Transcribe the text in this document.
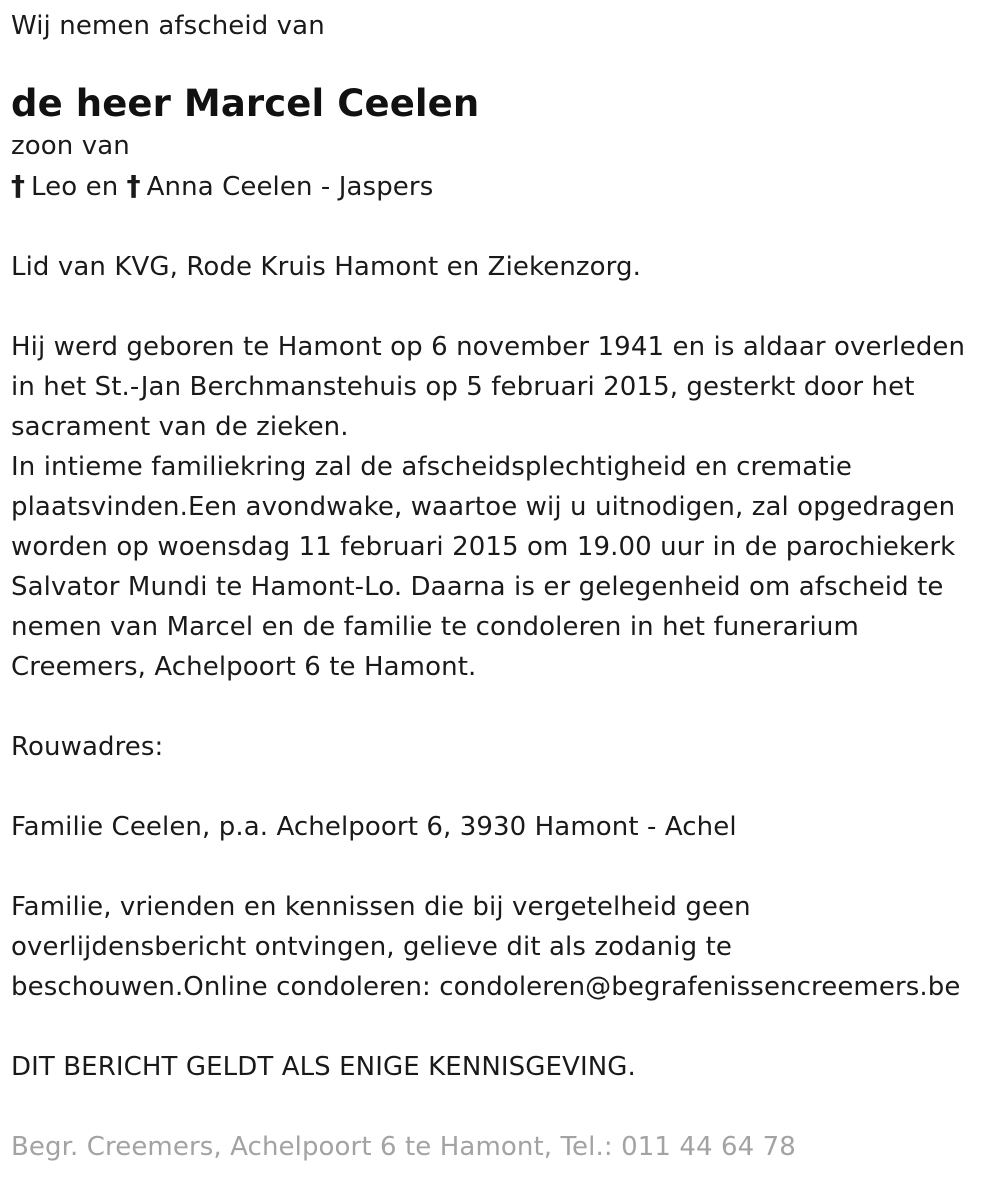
Wij nemen afscheid van
de heer Marcel Ceelen
zoon van
† Leo en † Anna Ceelen - Jaspers
Lid van KVG, Rode Kruis Hamont en Ziekenzorg.
Hij werd geboren te Hamont op 6 november 1941 en is aldaar overleden
in het St.-Jan Berchmanstehuis op 5 februari 2015, gesterkt door het
sacrament van de zieken.
In intieme familiekring zal de afscheidsplechtigheid en crematie
plaatsvinden.Een avondwake, waartoe wij u uitnodigen, zal opgedragen
worden op woensdag 11 februari 2015 om 19.00 uur in de parochiekerk
Salvator Mundi te Hamont-Lo. Daarna is er gelegenheid om afscheid te
nemen van Marcel en de familie te condoleren in het funerarium
Creemers, Achelpoort 6 te Hamont.
Rouwadres:
Familie Ceelen, p.a. Achelpoort 6, 3930 Hamont - Achel
Familie, vrienden en kennissen die bij vergetelheid geen
overlijdensbericht ontvingen, gelieve dit als zodanig te
beschouwen.Online condoleren: condoleren@begrafenissencreemers.be
DIT BERICHT GELDT ALS ENIGE KENNISGEVING.
Begr. Creemers, Achelpoort 6 te Hamont, Tel.: 011 44 64 78
